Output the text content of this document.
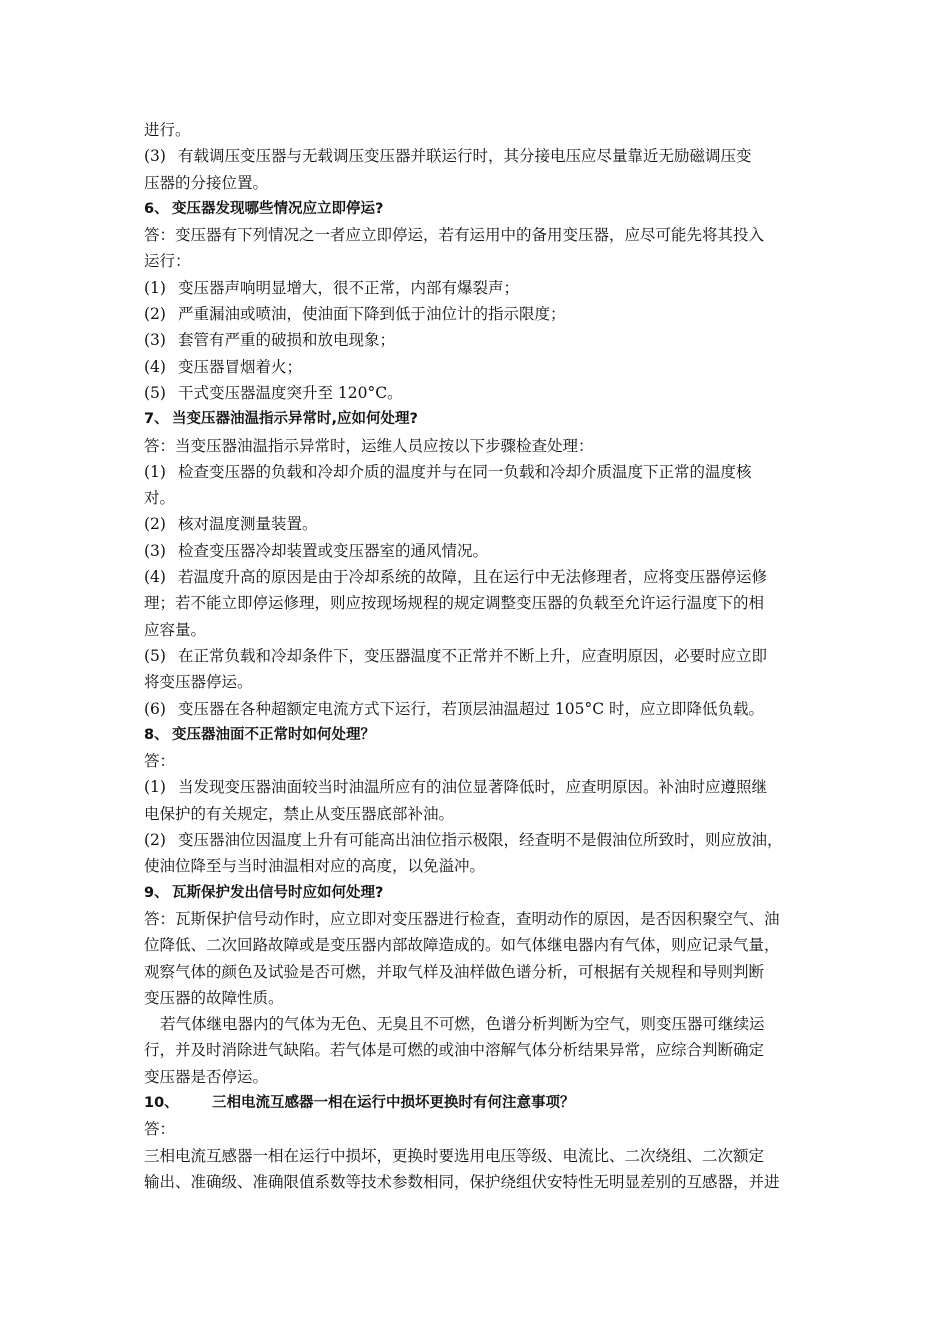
进行。
(3) 有载调压变压器与无载调压变压器并联运行时，其分接电压应尽量靠近无励磁调压变
压器的分接位置。
6、 变压器发现哪些情况应立即停运?
答：变压器有下列情况之一者应立即停运，若有运用中的备用变压器，应尽可能先将其投入
运行：
(1) 变压器声响明显增大，很不正常，内部有爆裂声；
(2) 严重漏油或喷油，使油面下降到低于油位计的指示限度；
(3) 套管有严重的破损和放电现象；
(4) 变压器冒烟着火；
(5) 干式变压器温度突升至 120°C。
7、 当变压器油温指示异常时,应如何处理?
答：当变压器油温指示异常时，运维人员应按以下步骤检查处理：
(1) 检查变压器的负载和冷却介质的温度并与在同一负载和冷却介质温度下正常的温度核
对。
(2) 核对温度测量装置。
(3) 检查变压器冷却装置或变压器室的通风情况。
(4) 若温度升高的原因是由于冷却系统的故障，且在运行中无法修理者，应将变压器停运修
理；若不能立即停运修理，则应按现场规程的规定调整变压器的负载至允许运行温度下的相
应容量。
(5) 在正常负载和冷却条件下，变压器温度不正常并不断上升，应查明原因，必要时应立即
将变压器停运。
(6) 变压器在各种超额定电流方式下运行，若顶层油温超过 105°C 时，应立即降低负载。
8、 变压器油面不正常时如何处理？
答：
(1) 当发现变压器油面较当时油温所应有的油位显著降低时，应查明原因。补油时应遵照继
电保护的有关规定，禁止从变压器底部补油。
(2) 变压器油位因温度上升有可能高出油位指示极限，经查明不是假油位所致时，则应放油，
使油位降至与当时油温相对应的高度，以免溢冲。
9、 瓦斯保护发出信号时应如何处理?
答：瓦斯保护信号动作时，应立即对变压器进行检查，查明动作的原因，是否因积聚空气、油
位降低、二次回路故障或是变压器内部故障造成的。如气体继电器内有气体，则应记录气量，
观察气体的颜色及试验是否可燃，并取气样及油样做色谱分析，可根据有关规程和导则判断
变压器的故障性质。
若气体继电器内的气体为无色、无臭且不可燃，色谱分析判断为空气，则变压器可继续运
行，并及时消除进气缺陷。若气体是可燃的或油中溶解气体分析结果异常，应综合判断确定
变压器是否停运。
10、 三相电流互感器一相在运行中损坏更换时有何注意事项？
答：
三相电流互感器一相在运行中损坏，更换时要选用电压等级、电流比、二次绕组、二次额定
输出、准确级、准确限值系数等技术参数相同，保护绕组伏安特性无明显差别的互感器，并进
